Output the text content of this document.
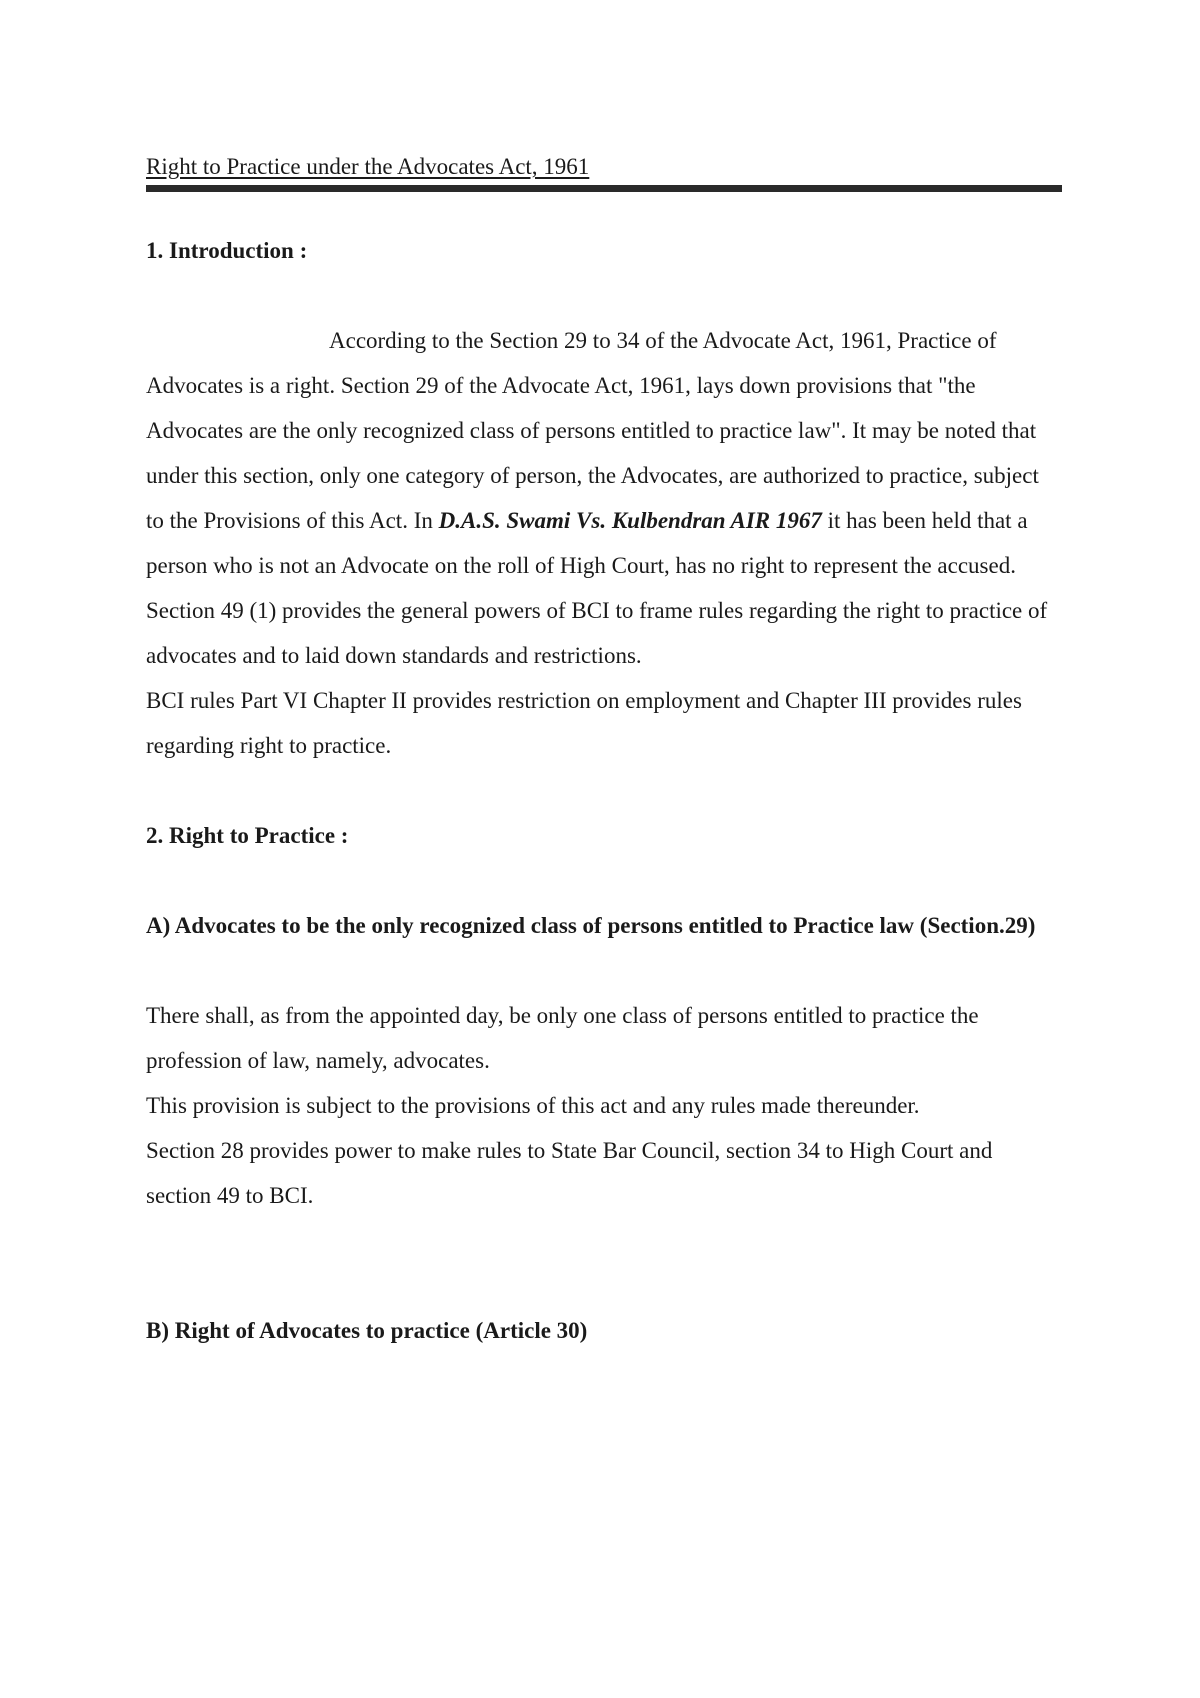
Right to Practice under the Advocates Act, 1961

1. Introduction :

According to the Section 29 to 34 of the Advocate Act, 1961, Practice of Advocates is a right. Section 29 of the Advocate Act, 1961, lays down provisions that "the Advocates are the only recognized class of persons entitled to practice law". It may be noted that under this section, only one category of person, the Advocates, are authorized to practice, subject to the Provisions of this Act. In D.A.S. Swami Vs. Kulbendran AIR 1967 it has been held that a person who is not an Advocate on the roll of High Court, has no right to represent the accused.

Section 49 (1) provides the general powers of BCI to frame rules regarding the right to practice of advocates and to laid down standards and restrictions.

BCI rules Part VI Chapter II provides restriction on employment and Chapter III provides rules regarding right to practice.

2. Right to Practice :

A) Advocates to be the only recognized class of persons entitled to Practice law (Section.29)

There shall, as from the appointed day, be only one class of persons entitled to practice the profession of law, namely, advocates.

This provision is subject to the provisions of this act and any rules made thereunder.

Section 28 provides power to make rules to State Bar Council, section 34 to High Court and section 49 to BCI.

B) Right of Advocates to practice (Article 30)
